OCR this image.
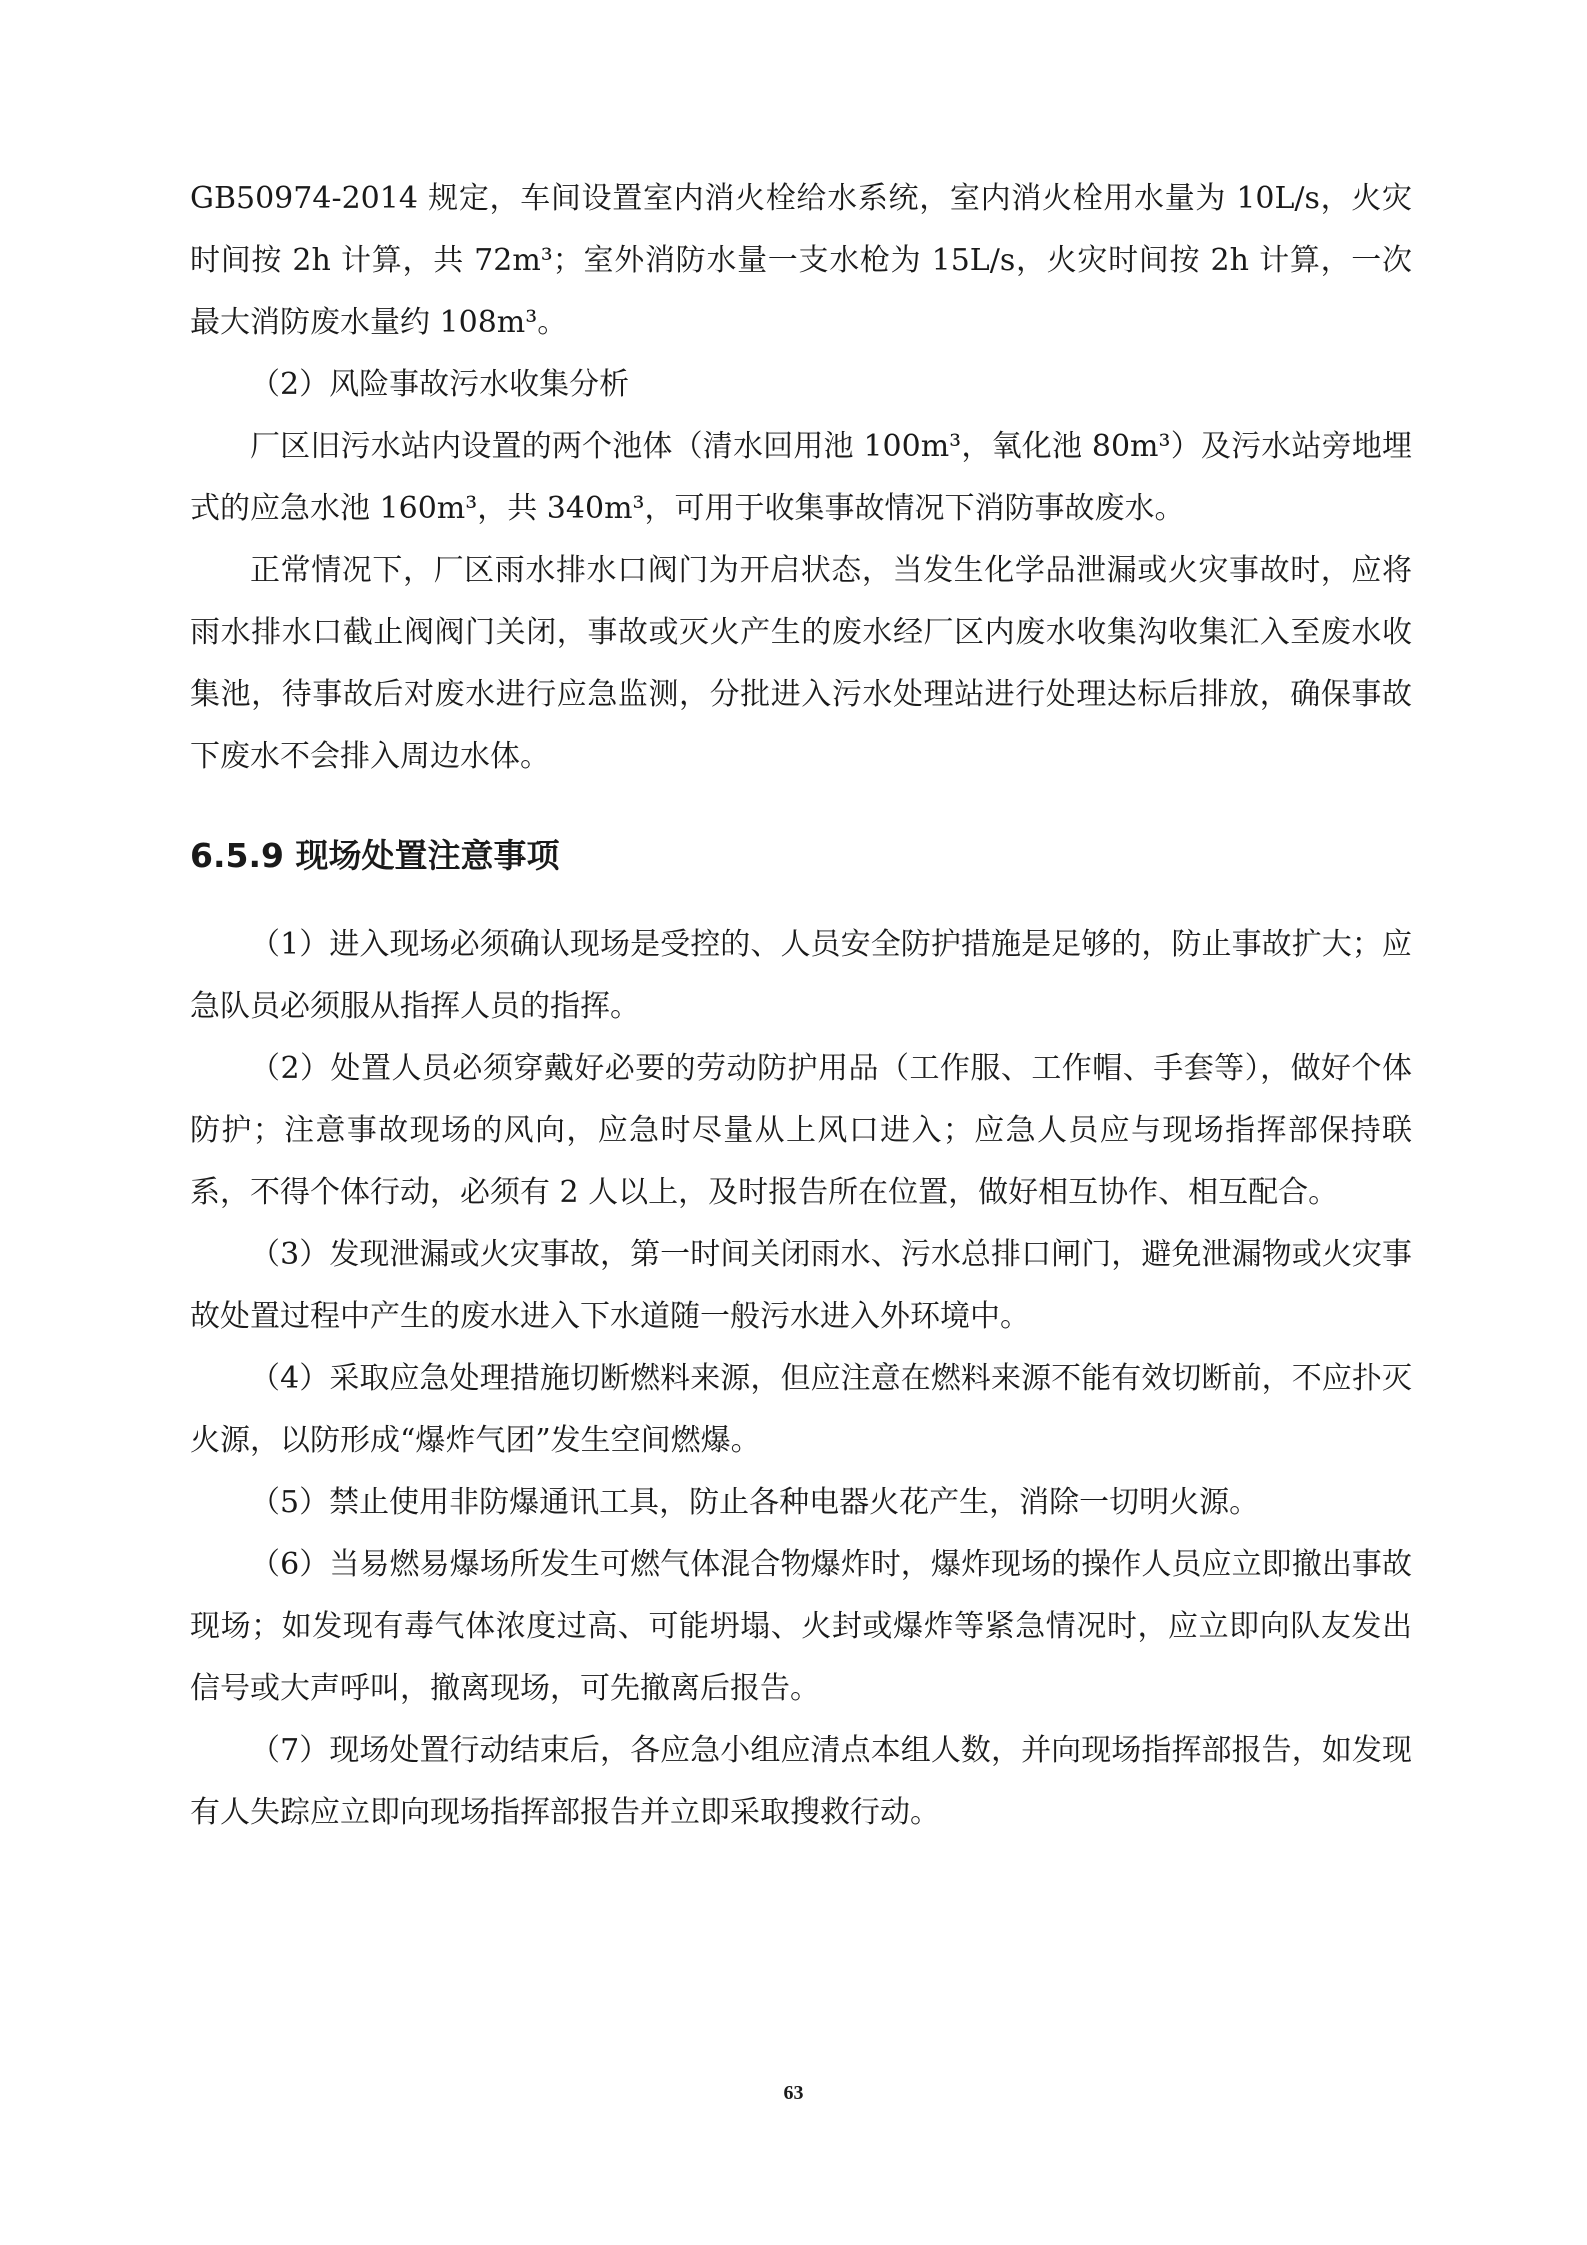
GB50974-2014 规定，车间设置室内消火栓给水系统，室内消火栓用水量为 10L/s，火灾时间按 2h 计算，共 72m³；室外消防水量一支水枪为 15L/s，火灾时间按 2h 计算，一次最大消防废水量约 108m³。

（2）风险事故污水收集分析

厂区旧污水站内设置的两个池体（清水回用池 100m³，氧化池 80m³）及污水站旁地埋式的应急水池 160m³，共 340m³，可用于收集事故情况下消防事故废水。

正常情况下，厂区雨水排水口阀门为开启状态，当发生化学品泄漏或火灾事故时，应将雨水排水口截止阀阀门关闭，事故或灭火产生的废水经厂区内废水收集沟收集汇入至废水收集池，待事故后对废水进行应急监测，分批进入污水处理站进行处理达标后排放，确保事故下废水不会排入周边水体。

6.5.9 现场处置注意事项

（1）进入现场必须确认现场是受控的、人员安全防护措施是足够的，防止事故扩大；应急队员必须服从指挥人员的指挥。

（2）处置人员必须穿戴好必要的劳动防护用品（工作服、工作帽、手套等），做好个体防护；注意事故现场的风向，应急时尽量从上风口进入；应急人员应与现场指挥部保持联系，不得个体行动，必须有 2 人以上，及时报告所在位置，做好相互协作、相互配合。

（3）发现泄漏或火灾事故，第一时间关闭雨水、污水总排口闸门，避免泄漏物或火灾事故处置过程中产生的废水进入下水道随一般污水进入外环境中。

（4）采取应急处理措施切断燃料来源，但应注意在燃料来源不能有效切断前，不应扑灭火源，以防形成“爆炸气团”发生空间燃爆。

（5）禁止使用非防爆通讯工具，防止各种电器火花产生，消除一切明火源。

（6）当易燃易爆场所发生可燃气体混合物爆炸时，爆炸现场的操作人员应立即撤出事故现场；如发现有毒气体浓度过高、可能坍塌、火封或爆炸等紧急情况时，应立即向队友发出信号或大声呼叫，撤离现场，可先撤离后报告。

（7）现场处置行动结束后，各应急小组应清点本组人数，并向现场指挥部报告，如发现有人失踪应立即向现场指挥部报告并立即采取搜救行动。

63
